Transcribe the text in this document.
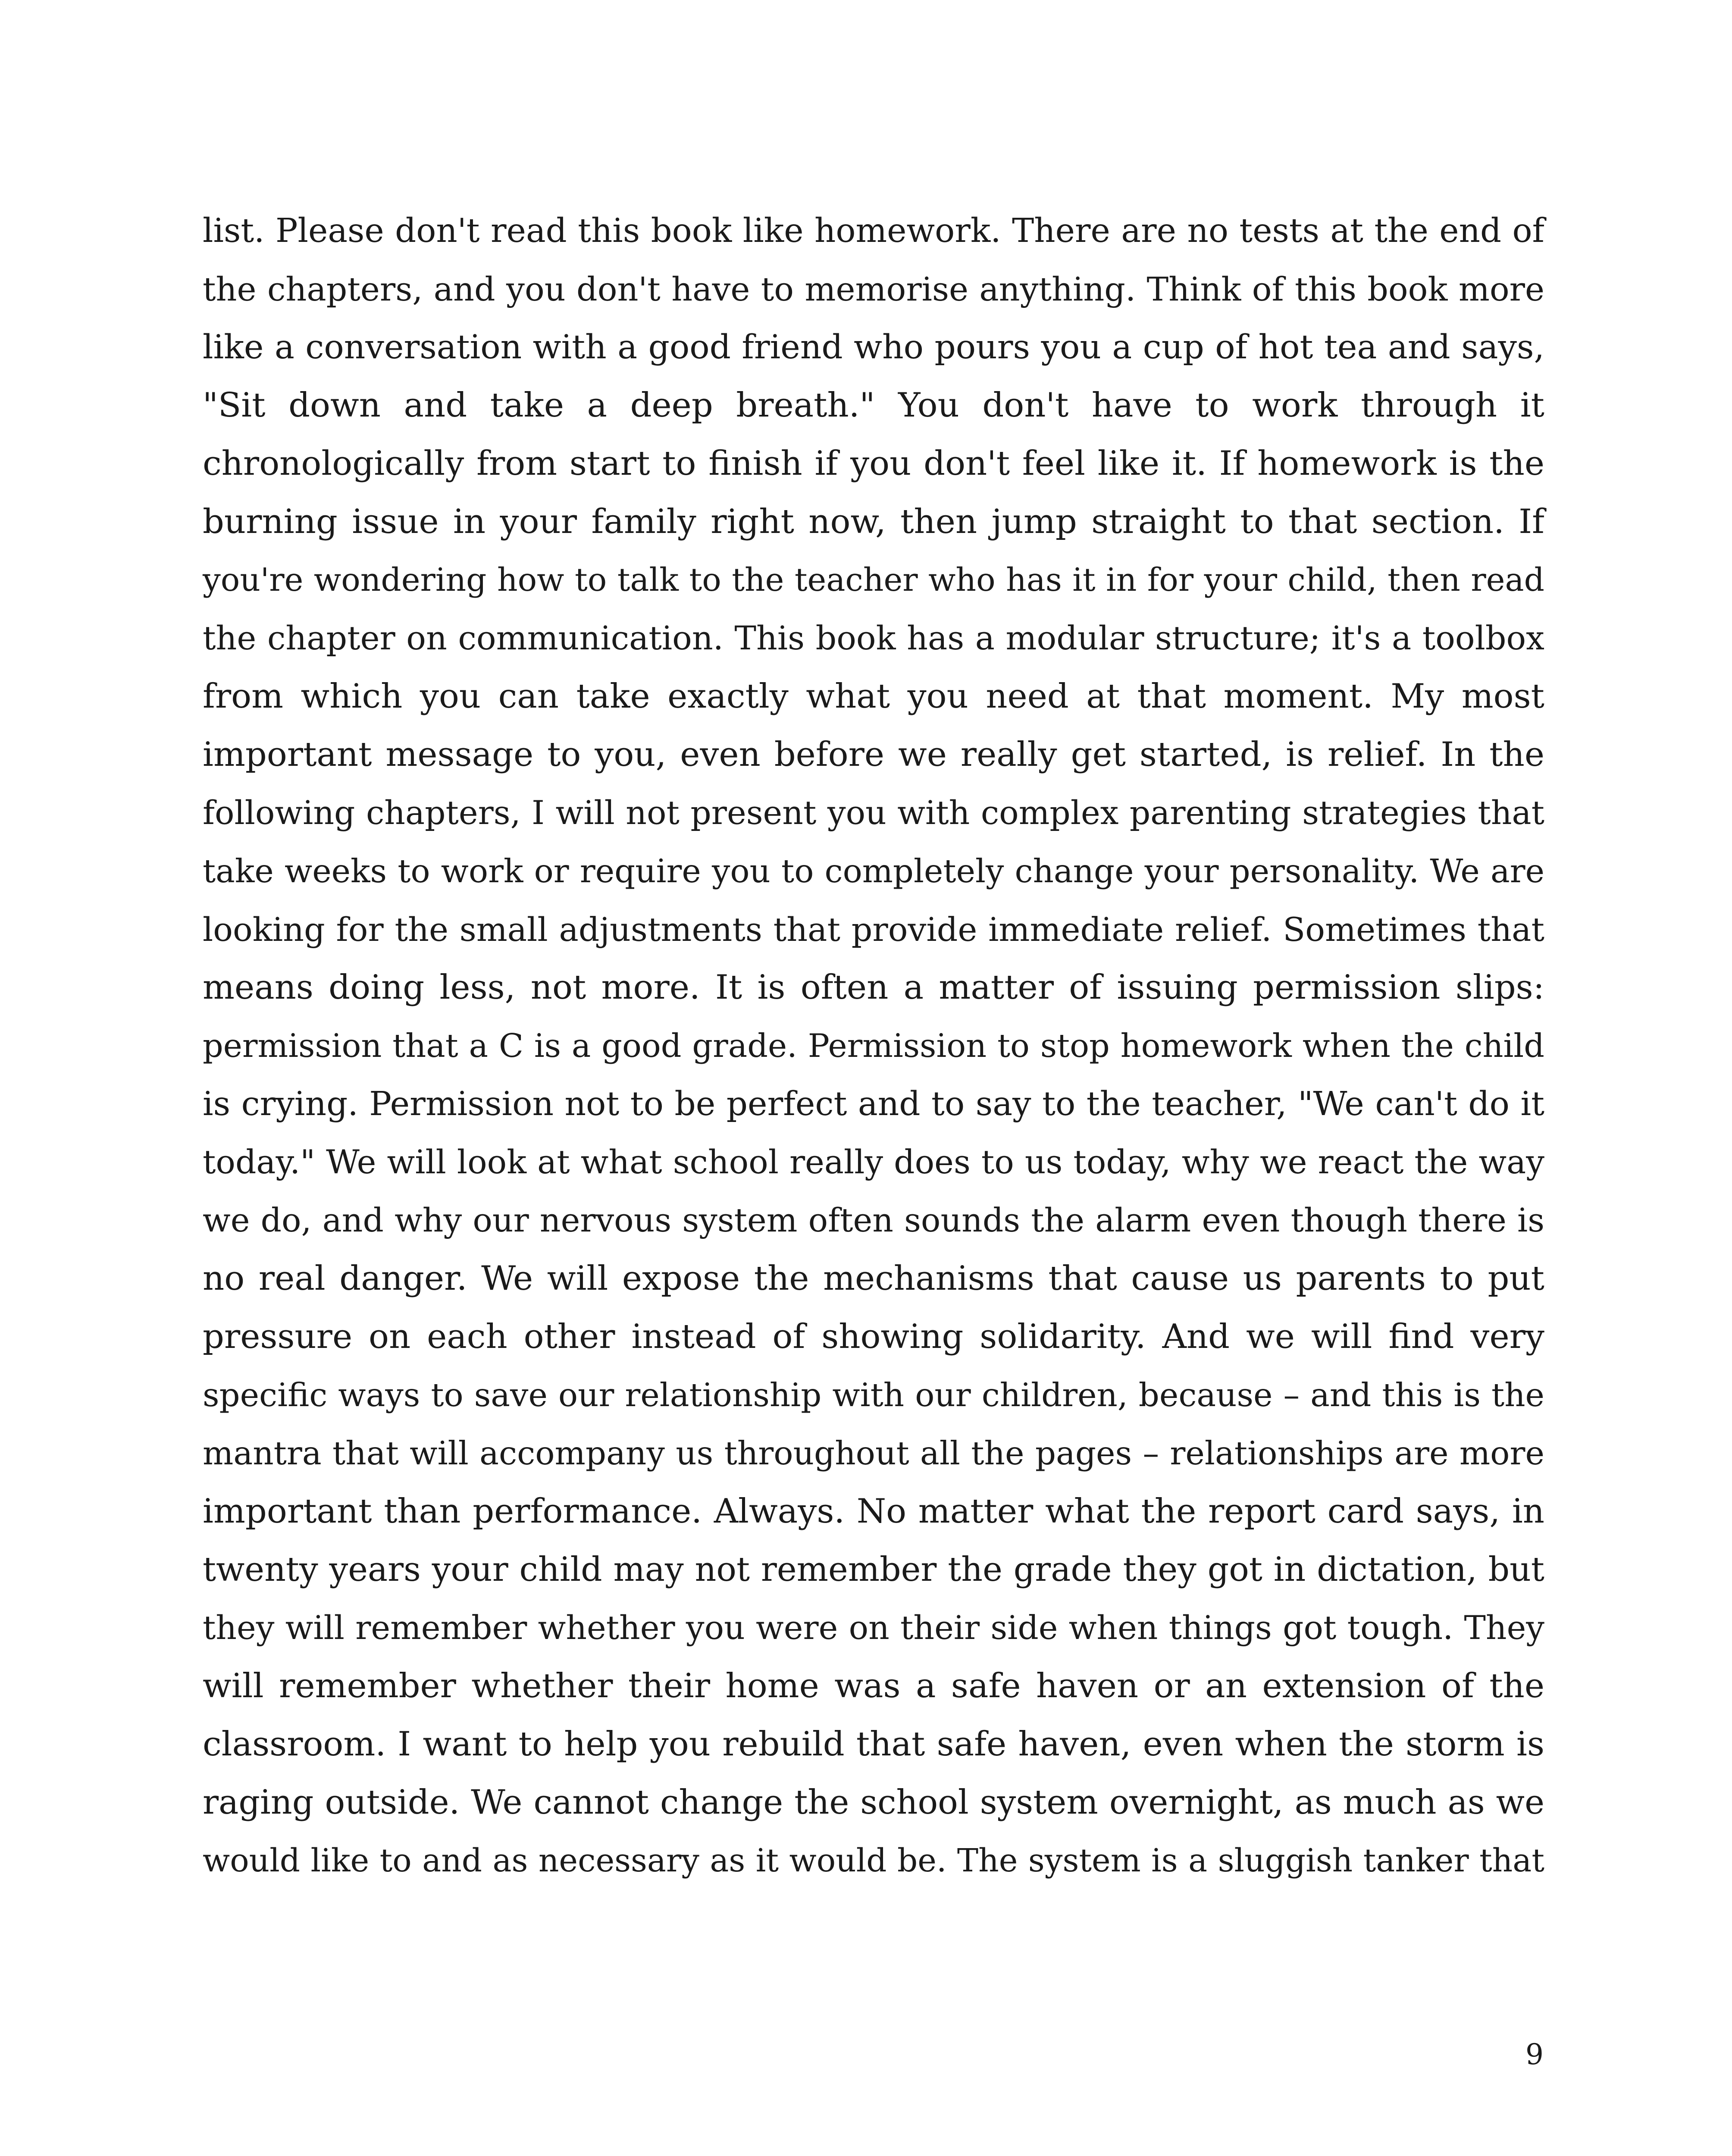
list. Please don't read this book like homework. There are no tests at the end of
the chapters, and you don't have to memorise anything. Think of this book more
like a conversation with a good friend who pours you a cup of hot tea and says,
"Sit down and take a deep breath." You don't have to work through it
chronologically from start to finish if you don't feel like it. If homework is the
burning issue in your family right now, then jump straight to that section. If
you're wondering how to talk to the teacher who has it in for your child, then read
the chapter on communication. This book has a modular structure; it's a toolbox
from which you can take exactly what you need at that moment. My most
important message to you, even before we really get started, is relief. In the
following chapters, I will not present you with complex parenting strategies that
take weeks to work or require you to completely change your personality. We are
looking for the small adjustments that provide immediate relief. Sometimes that
means doing less, not more. It is often a matter of issuing permission slips:
permission that a C is a good grade. Permission to stop homework when the child
is crying. Permission not to be perfect and to say to the teacher, "We can't do it
today." We will look at what school really does to us today, why we react the way
we do, and why our nervous system often sounds the alarm even though there is
no real danger. We will expose the mechanisms that cause us parents to put
pressure on each other instead of showing solidarity. And we will find very
specific ways to save our relationship with our children, because – and this is the
mantra that will accompany us throughout all the pages – relationships are more
important than performance. Always. No matter what the report card says, in
twenty years your child may not remember the grade they got in dictation, but
they will remember whether you were on their side when things got tough. They
will remember whether their home was a safe haven or an extension of the
classroom. I want to help you rebuild that safe haven, even when the storm is
raging outside. We cannot change the school system overnight, as much as we
would like to and as necessary as it would be. The system is a sluggish tanker that
9
